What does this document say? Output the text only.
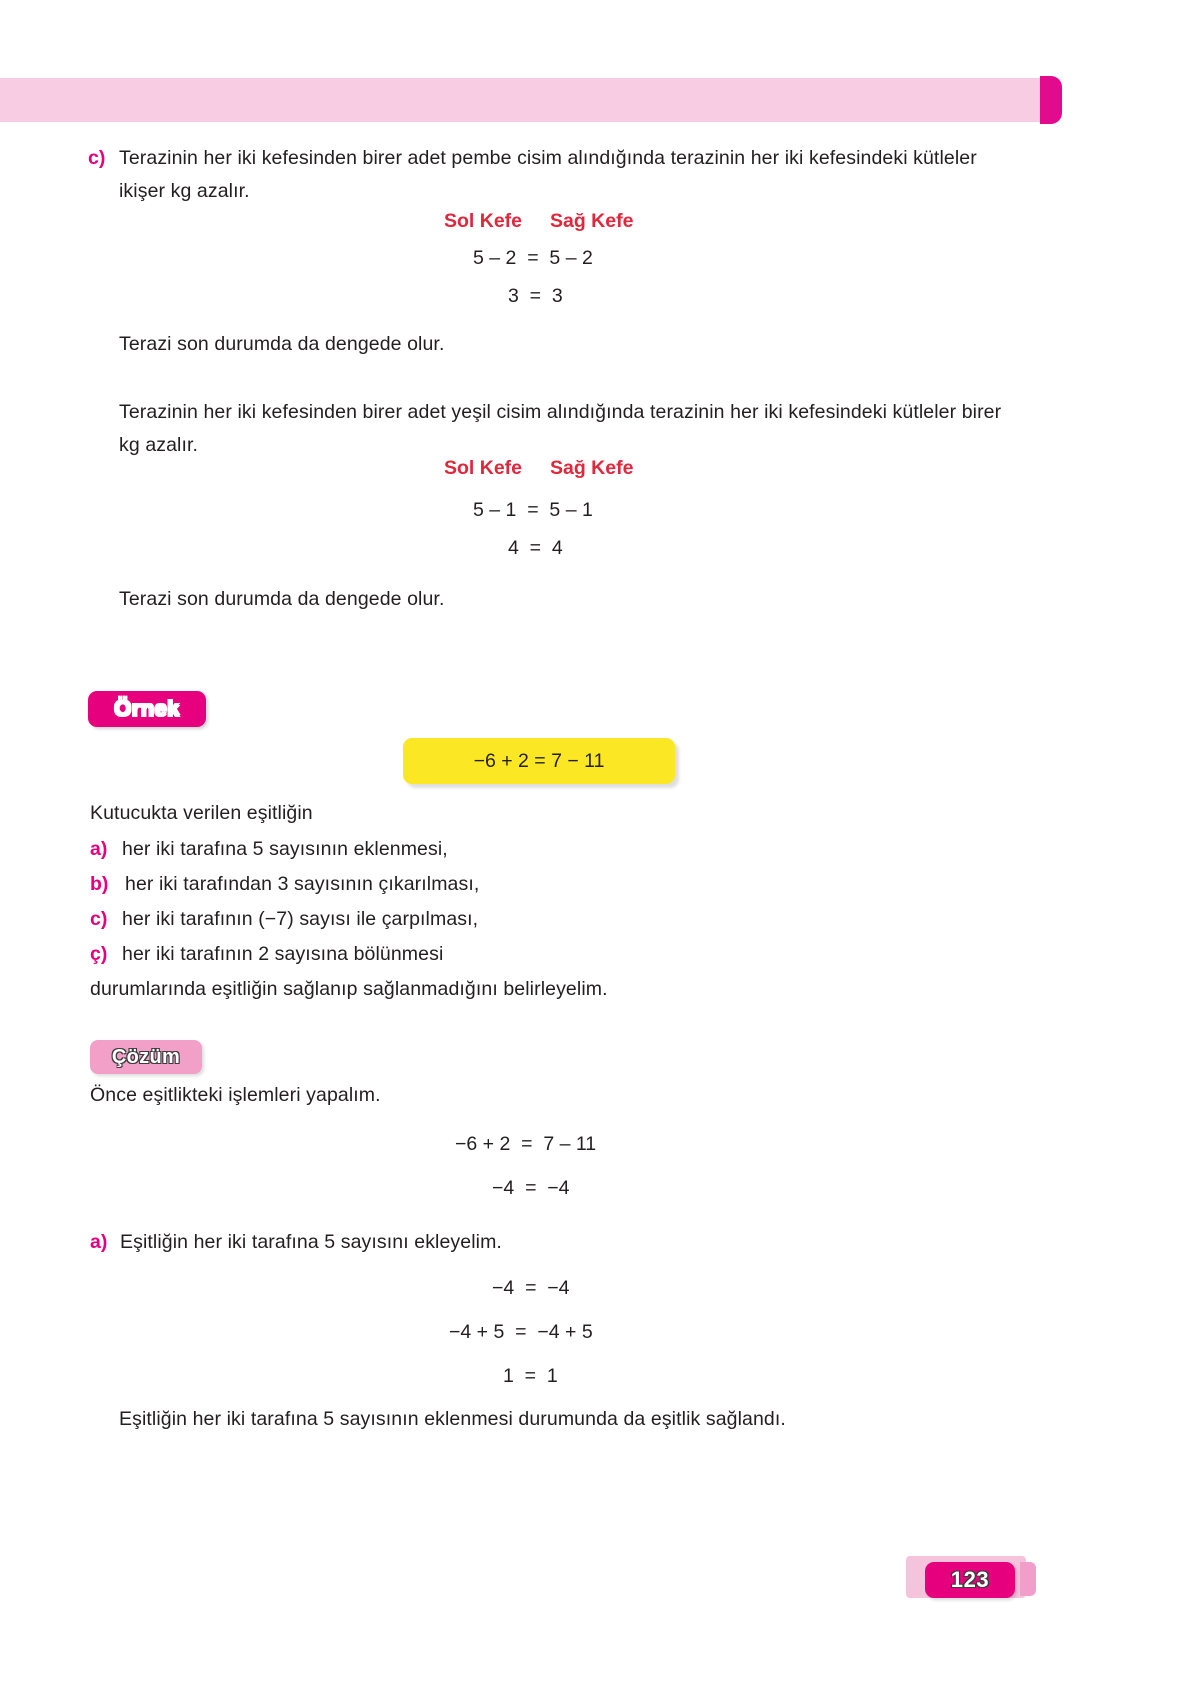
c) Terazinin her iki kefesinden birer adet pembe cisim alındığında terazinin her iki kefesindeki kütleler
ikişer kg azalır.
Sol Kefe Sağ Kefe
5 – 2  =  5 – 2
3  =  3
Terazi son durumda da dengede olur.
Terazinin her iki kefesinden birer adet yeşil cisim alındığında terazinin her iki kefesindeki kütleler birer
kg azalır.
Sol Kefe Sağ Kefe
5 – 1  =  5 – 1
4  =  4
Terazi son durumda da dengede olur.
Örnek
−6 + 2 = 7 − 11
Kutucukta verilen eşitliğin
a) her iki tarafına 5 sayısının eklenmesi,
b) her iki tarafından 3 sayısının çıkarılması,
c) her iki tarafının (−7) sayısı ile çarpılması,
ç) her iki tarafının 2 sayısına bölünmesi
durumlarında eşitliğin sağlanıp sağlanmadığını belirleyelim.
Çözüm
Önce eşitlikteki işlemleri yapalım.
−6 + 2  =  7 – 11
−4  =  −4
a) Eşitliğin her iki tarafına 5 sayısını ekleyelim.
−4  =  −4
−4 + 5  =  −4 + 5
1  =  1
Eşitliğin her iki tarafına 5 sayısının eklenmesi durumunda da eşitlik sağlandı.
123
